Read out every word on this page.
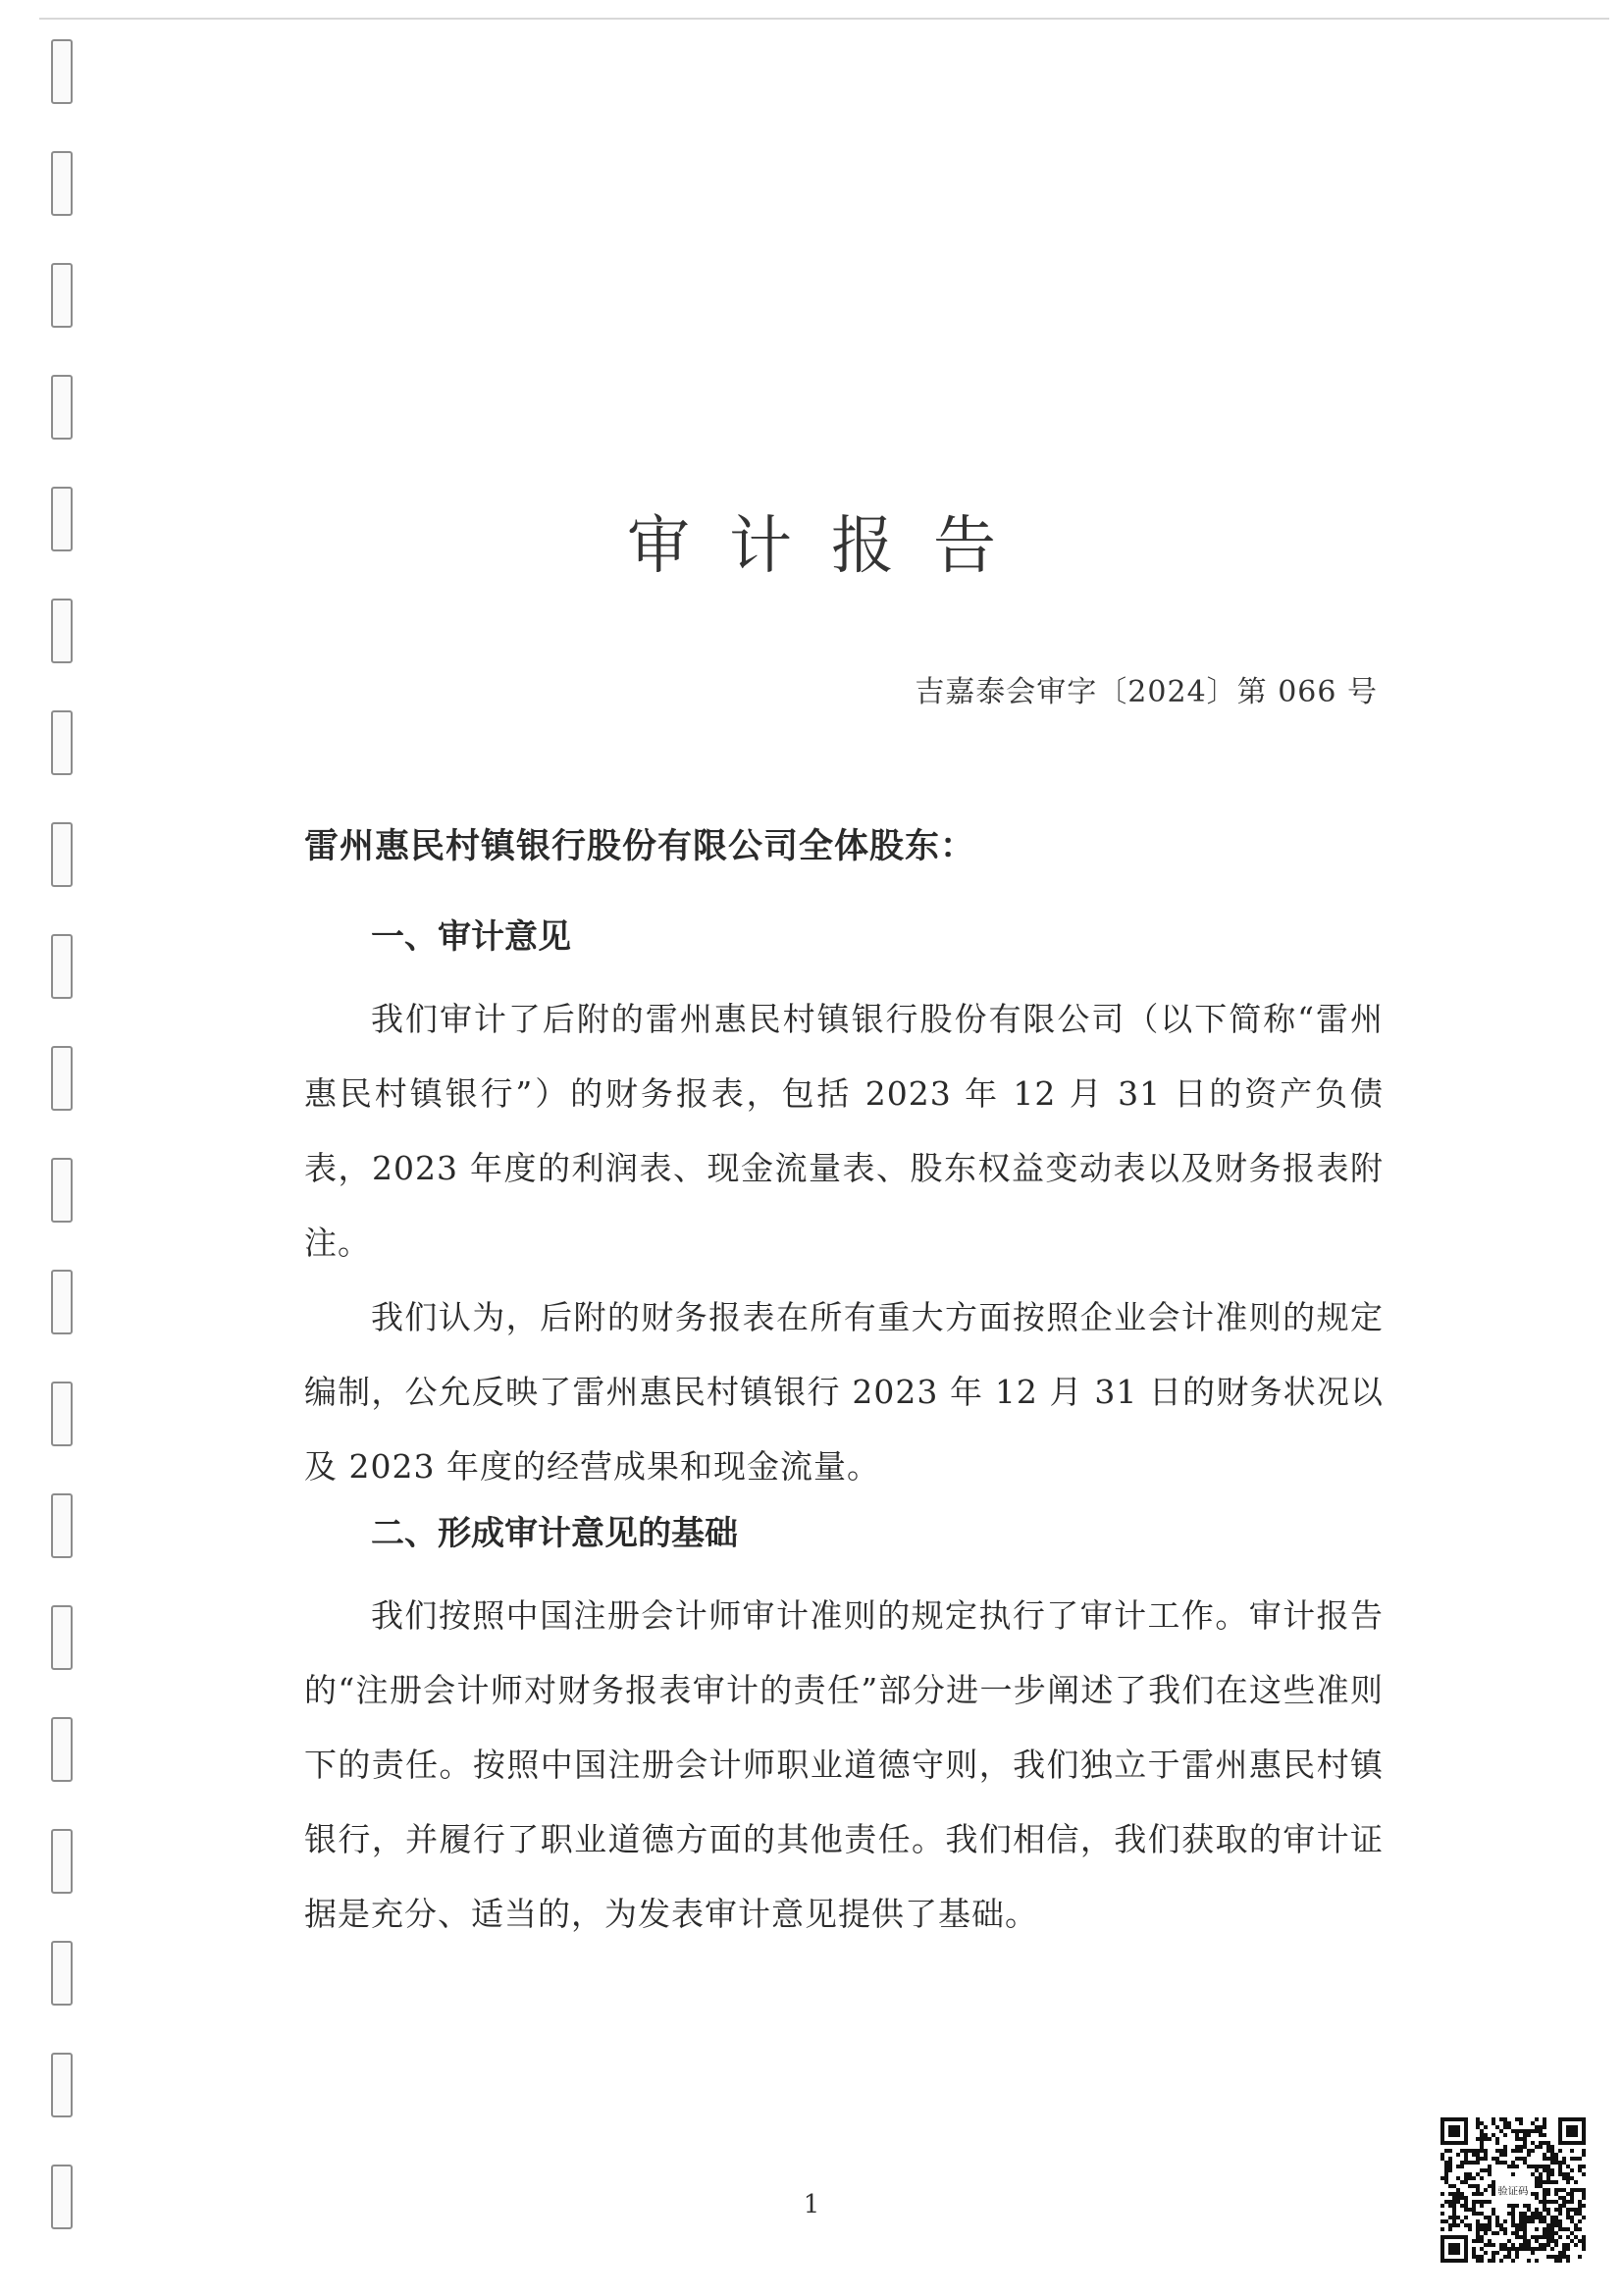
审计报告
吉嘉泰会审字〔2024〕第 066 号

雷州惠民村镇银行股份有限公司全体股东：

一、审计意见

我们审计了后附的雷州惠民村镇银行股份有限公司（以下简称“雷州惠民村镇银行”）的财务报表，包括 2023 年 12 月 31 日的资产负债表，2023 年度的利润表、现金流量表、股东权益变动表以及财务报表附注。

我们认为，后附的财务报表在所有重大方面按照企业会计准则的规定编制，公允反映了雷州惠民村镇银行 2023 年 12 月 31 日的财务状况以及 2023 年度的经营成果和现金流量。

二、形成审计意见的基础

我们按照中国注册会计师审计准则的规定执行了审计工作。审计报告的“注册会计师对财务报表审计的责任”部分进一步阐述了我们在这些准则下的责任。按照中国注册会计师职业道德守则，我们独立于雷州惠民村镇银行，并履行了职业道德方面的其他责任。我们相信，我们获取的审计证据是充分、适当的，为发表审计意见提供了基础。

1	验证码
